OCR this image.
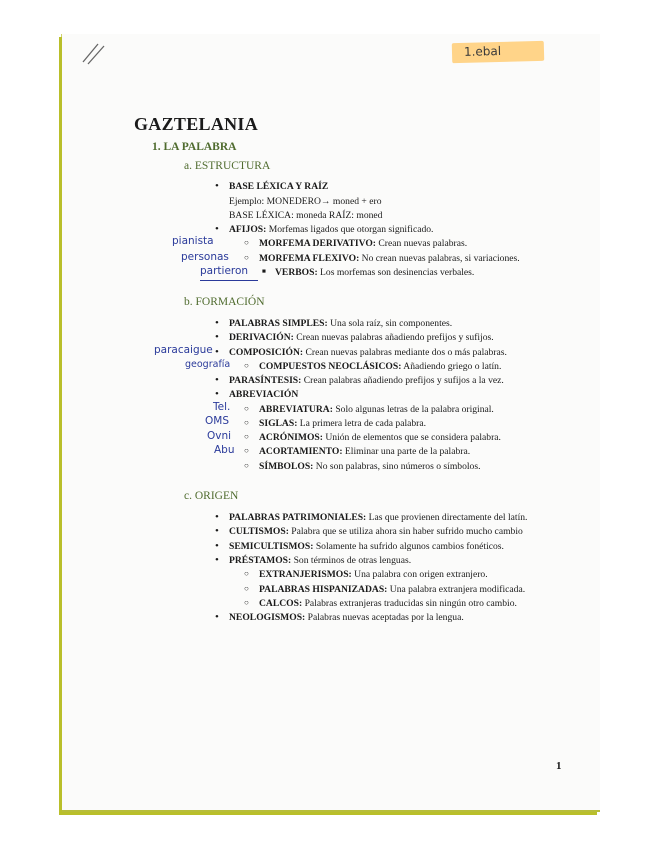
1.ebal
GAZTELANIA
1. LA PALABRA
a. ESTRUCTURA
• BASE LÉXICA Y RAÍZ
Ejemplo: MONEDERO→ moned + ero
BASE LÉXICA: moneda RAÍZ: moned
• AFIJOS: Morfemas ligados que otorgan significado.
○ MORFEMA DERIVATIVO: Crean nuevas palabras.
○ MORFEMA FLEXIVO: No crean nuevas palabras, si variaciones.
■ VERBOS: Los morfemas son desinencias verbales.
pianista
personas
partieron
b. FORMACIÓN
• PALABRAS SIMPLES: Una sola raíz, sin componentes.
• DERIVACIÓN: Crean nuevas palabras añadiendo prefijos y sufijos.
• COMPOSICIÓN: Crean nuevas palabras mediante dos o más palabras.
○ COMPUESTOS NEOCLÁSICOS: Añadiendo griego o latín.
• PARASÍNTESIS: Crean palabras añadiendo prefijos y sufijos a la vez.
• ABREVIACIÓN
○ ABREVIATURA: Solo algunas letras de la palabra original.
○ SIGLAS: La primera letra de cada palabra.
○ ACRÓNIMOS: Unión de elementos que se considera palabra.
○ ACORTAMIENTO: Eliminar una parte de la palabra.
○ SÍMBOLOS: No son palabras, sino números o símbolos.
paracaigue
geografía
Tel.
OMS
Ovni
Abu
c. ORIGEN
• PALABRAS PATRIMONIALES: Las que provienen directamente del latín.
• CULTISMOS: Palabra que se utiliza ahora sin haber sufrido mucho cambio
• SEMICULTISMOS: Solamente ha sufrido algunos cambios fonéticos.
• PRÉSTAMOS: Son términos de otras lenguas.
○ EXTRANJERISMOS: Una palabra con origen extranjero.
○ PALABRAS HISPANIZADAS: Una palabra extranjera modificada.
○ CALCOS: Palabras extranjeras traducidas sin ningún otro cambio.
• NEOLOGISMOS: Palabras nuevas aceptadas por la lengua.
1
